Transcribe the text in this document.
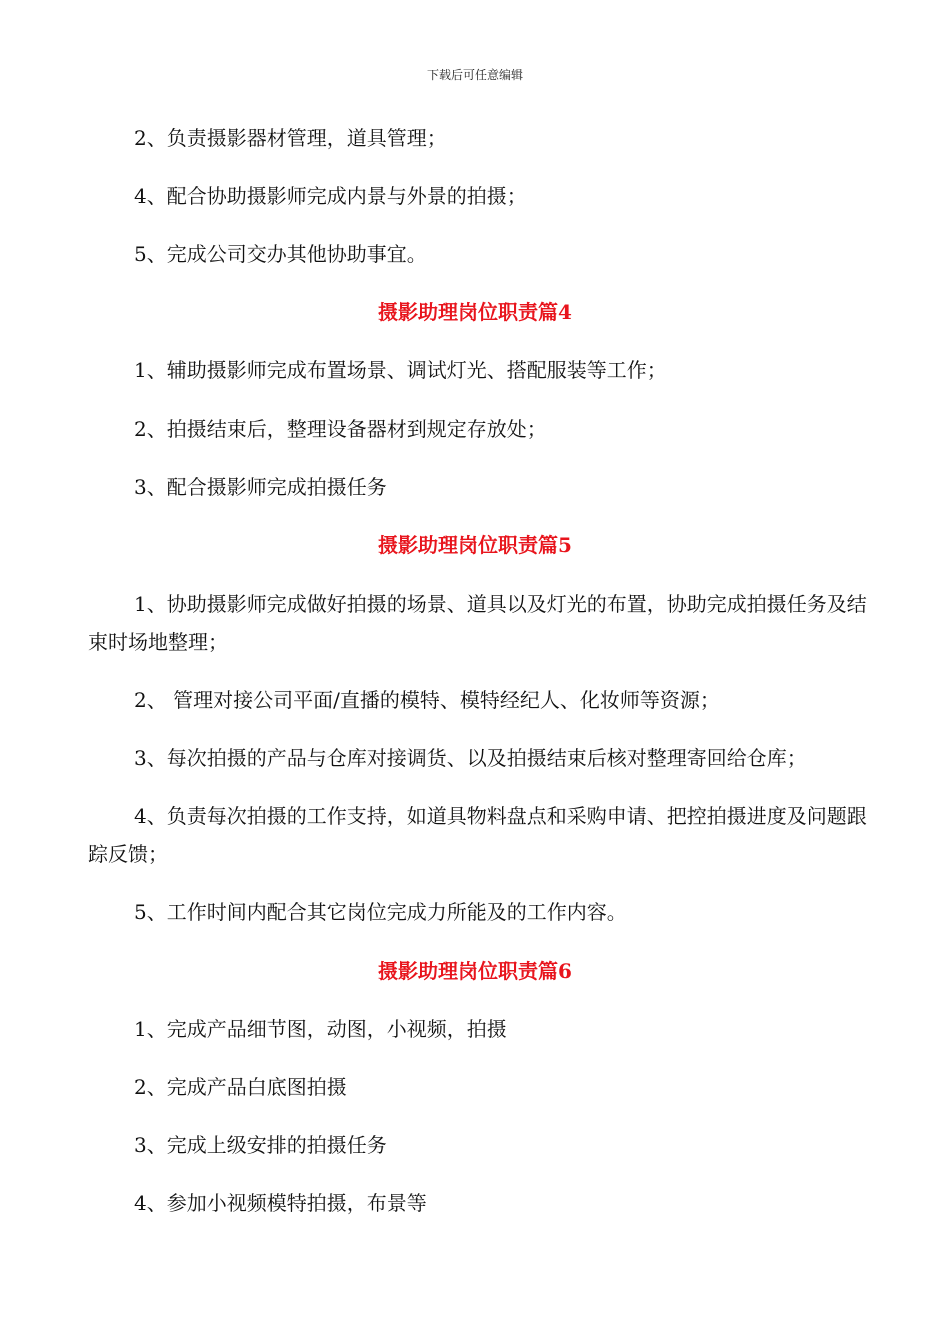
下载后可任意编辑
2、负责摄影器材管理，道具管理；
4、配合协助摄影师完成内景与外景的拍摄；
5、完成公司交办其他协助事宜。
摄影助理岗位职责篇4
1、辅助摄影师完成布置场景、调试灯光、搭配服装等工作；
2、拍摄结束后，整理设备器材到规定存放处；
3、配合摄影师完成拍摄任务
摄影助理岗位职责篇5
1、协助摄影师完成做好拍摄的场景、道具以及灯光的布置，协助完成拍摄任务及结束时场地整理；
2、 管理对接公司平面/直播的模特、模特经纪人、化妆师等资源；
3、每次拍摄的产品与仓库对接调货、以及拍摄结束后核对整理寄回给仓库；
4、负责每次拍摄的工作支持，如道具物料盘点和采购申请、把控拍摄进度及问题跟踪反馈；
5、工作时间内配合其它岗位完成力所能及的工作内容。
摄影助理岗位职责篇6
1、完成产品细节图，动图，小视频，拍摄
2、完成产品白底图拍摄
3、完成上级安排的拍摄任务
4、参加小视频模特拍摄，布景等
